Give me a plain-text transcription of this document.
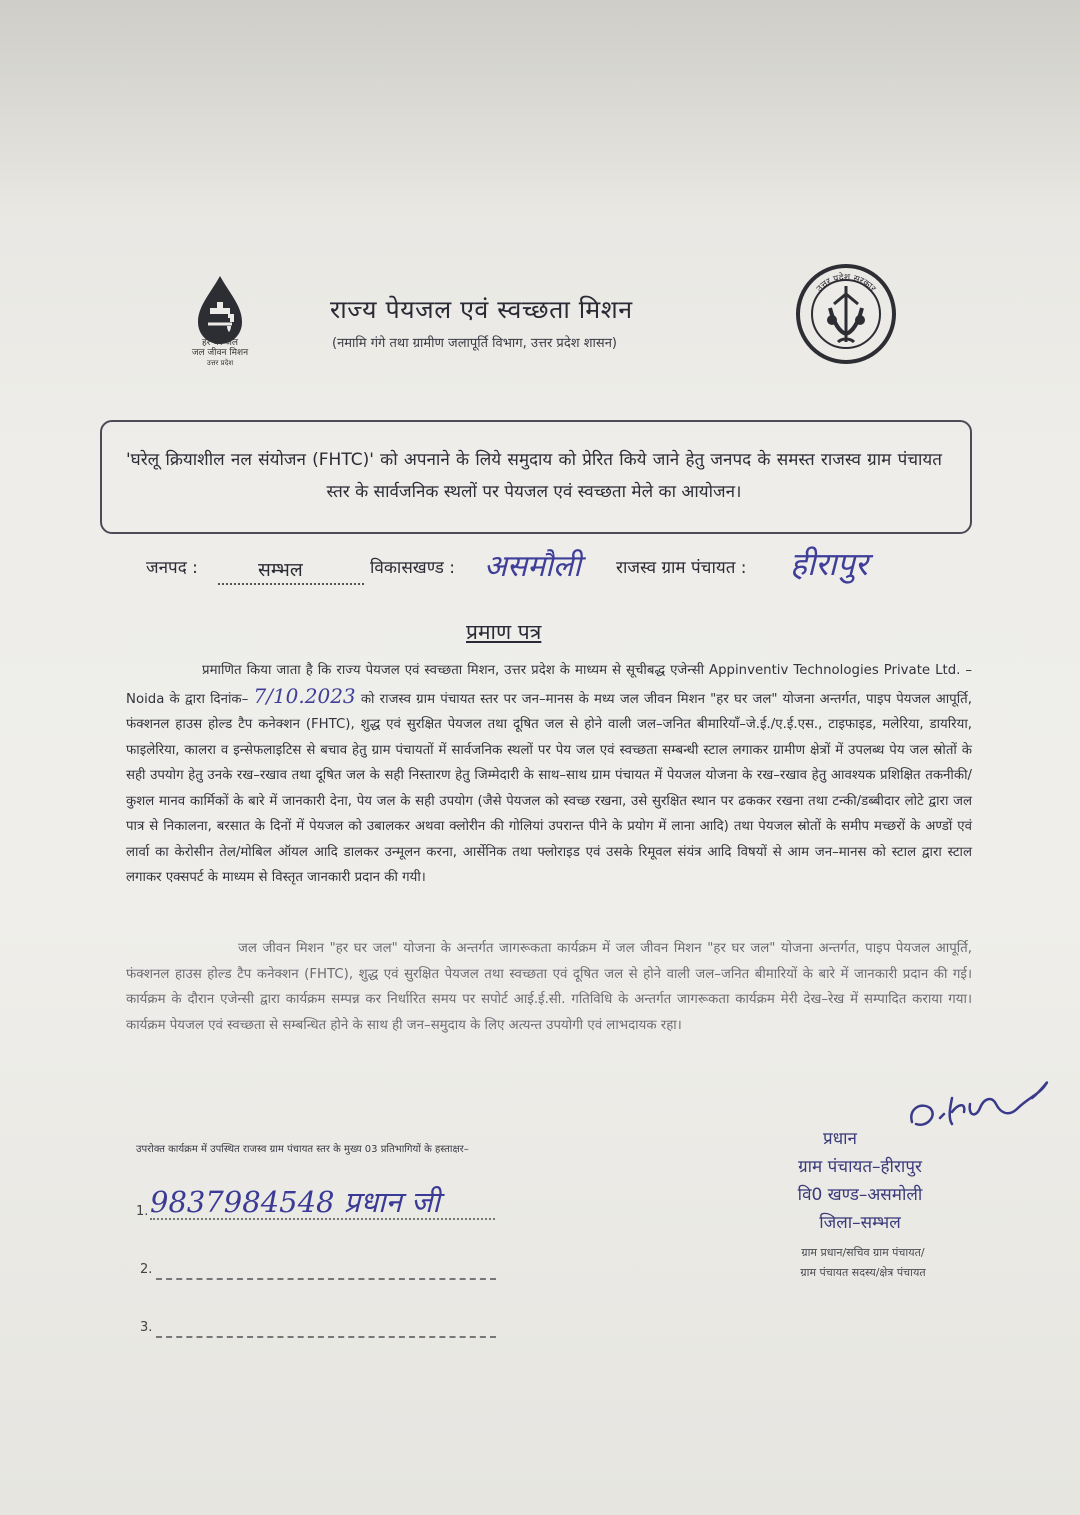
हर घर जल
जल जीवन मिशन
उत्तर प्रदेश
उत्तर प्रदेश सरकार
राज्य पेयजल एवं स्वच्छता मिशन
(नमामि गंगे तथा ग्रामीण जलापूर्ति विभाग, उत्तर प्रदेश शासन)

'घरेलू क्रियाशील नल संयोजन (FHTC)' को अपनाने के लिये समुदाय को प्रेरित किये जाने हेतु जनपद के समस्त राजस्व ग्राम पंचायत स्तर के सार्वजनिक स्थलों पर पेयजल एवं स्वच्छता मेले का आयोजन।

जनपद :	सम्भल	विकासखण्ड : असमौली राजस्व ग्राम पंचायत : हीरापुर
प्रमाण पत्र
प्रमाणित किया जाता है कि राज्य पेयजल एवं स्वच्छता मिशन, उत्तर प्रदेश के माध्यम से सूचीबद्ध एजेन्सी Appinventiv Technologies Private Ltd. – Noida के द्वारा दिनांक– 7/10.2023 को राजस्व ग्राम पंचायत स्तर पर जन–मानस के मध्य जल जीवन मिशन "हर घर जल" योजना अन्तर्गत, पाइप पेयजल आपूर्ति, फंक्शनल हाउस होल्ड टैप कनेक्शन (FHTC), शुद्ध एवं सुरक्षित पेयजल तथा दूषित जल से होने वाली जल–जनित बीमारियाँ–जे.ई./ए.ई.एस., टाइफाइड, मलेरिया, डायरिया, फाइलेरिया, कालरा व इन्सेफलाइटिस से बचाव हेतु ग्राम पंचायतों में सार्वजनिक स्थलों पर पेय जल एवं स्वच्छता सम्बन्धी स्टाल लगाकर ग्रामीण क्षेत्रों में उपलब्ध पेय जल स्रोतों के सही उपयोग हेतु उनके रख–रखाव तथा दूषित जल के सही निस्तारण हेतु जिम्मेदारी के साथ–साथ ग्राम पंचायत में पेयजल योजना के रख–रखाव हेतु आवश्यक प्रशिक्षित तकनीकी/कुशल मानव कार्मिकों के बारे में जानकारी देना, पेय जल के सही उपयोग (जैसे पेयजल को स्वच्छ रखना, उसे सुरक्षित स्थान पर ढककर रखना तथा टन्की/डब्बीदार लोटे द्वारा जल पात्र से निकालना, बरसात के दिनों में पेयजल को उबालकर अथवा क्लोरीन की गोलियां उपरान्त पीने के प्रयोग में लाना आदि) तथा पेयजल स्रोतों के समीप मच्छरों के अण्डों एवं लार्वा का केरोसीन तेल/मोबिल ऑयल आदि डालकर उन्मूलन करना, आर्सेनिक तथा फ्लोराइड एवं उसके रिमूवल संयंत्र आदि विषयों से आम जन–मानस को स्टाल द्वारा स्टाल लगाकर एक्सपर्ट के माध्यम से विस्तृत जानकारी प्रदान की गयी।
जल जीवन मिशन "हर घर जल" योजना के अन्तर्गत जागरूकता कार्यक्रम में जल जीवन मिशन "हर घर जल" योजना अन्तर्गत, पाइप पेयजल आपूर्ति, फंक्शनल हाउस होल्ड टैप कनेक्शन (FHTC), शुद्ध एवं सुरक्षित पेयजल तथा स्वच्छता एवं दूषित जल से होने वाली जल–जनित बीमारियों के बारे में जानकारी प्रदान की गई। कार्यक्रम के दौरान एजेन्सी द्वारा कार्यक्रम सम्पन्न कर निर्धारित समय पर सपोर्ट आई.ई.सी. गतिविधि के अन्तर्गत जागरूकता कार्यक्रम मेरी देख–रेख में सम्पादित कराया गया। कार्यक्रम पेयजल एवं स्वच्छता से सम्बन्धित होने के साथ ही जन–समुदाय के लिए अत्यन्त उपयोगी एवं लाभदायक रहा।
उपरोक्त कार्यक्रम में उपस्थित राजस्व ग्राम पंचायत स्तर के मुख्य 03 प्रतिभागियों के हस्ताक्षर–
1. 9837984548 प्रधान जी
2.
3.
प्रधान
ग्राम पंचायत–हीरापुर
वि0 खण्ड–असमोली
जिला–सम्भल
ग्राम प्रधान/सचिव ग्राम पंचायत/
ग्राम पंचायत सदस्य/क्षेत्र पंचायत
